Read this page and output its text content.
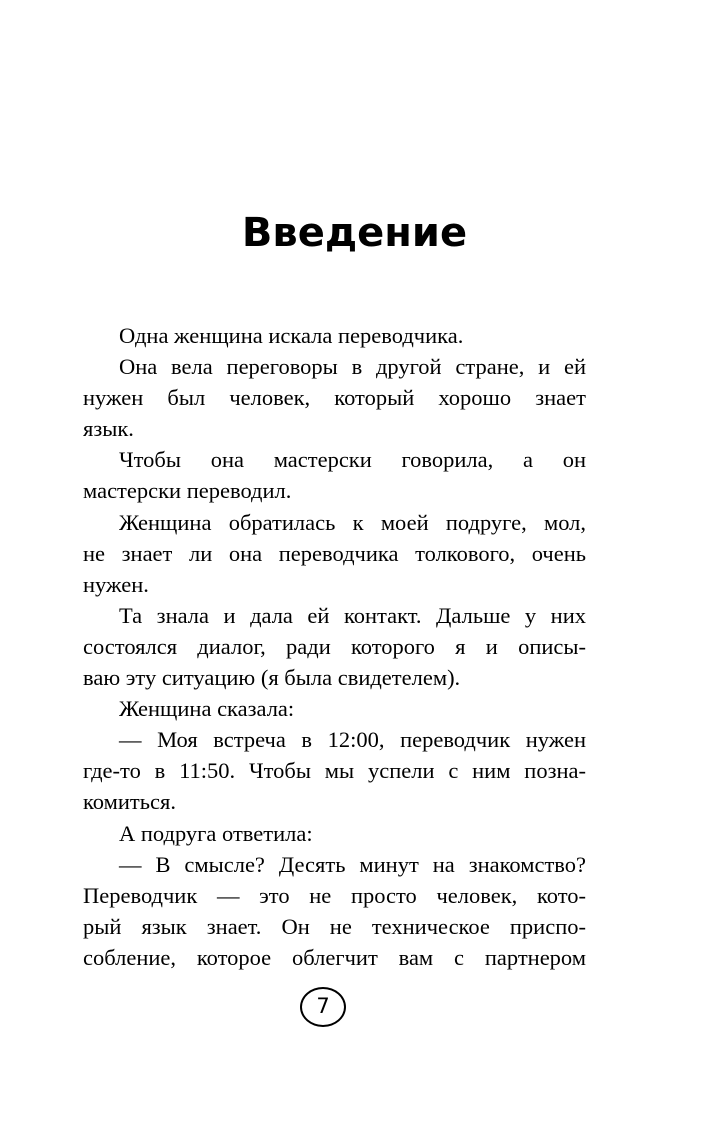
Введение
Одна женщина искала переводчика.
Она вела переговоры в другой стране, и ей
нужен был человек, который хорошо знает
язык.
Чтобы она мастерски говорила, а он
мастерски переводил.
Женщина обратилась к моей подруге, мол,
не знает ли она переводчика толкового, очень
нужен.
Та знала и дала ей контакт. Дальше у них
состоялся диалог, ради которого я и описы-
ваю эту ситуацию (я была свидетелем).
Женщина сказала:
— Моя встреча в 12:00, переводчик нужен
где-то в 11:50. Чтобы мы успели с ним позна-
комиться.
А подруга ответила:
— В смысле? Десять минут на знакомство?
Переводчик — это не просто человек, кото-
рый язык знает. Он не техническое приспо-
собление, которое облегчит вам с партнером
7
